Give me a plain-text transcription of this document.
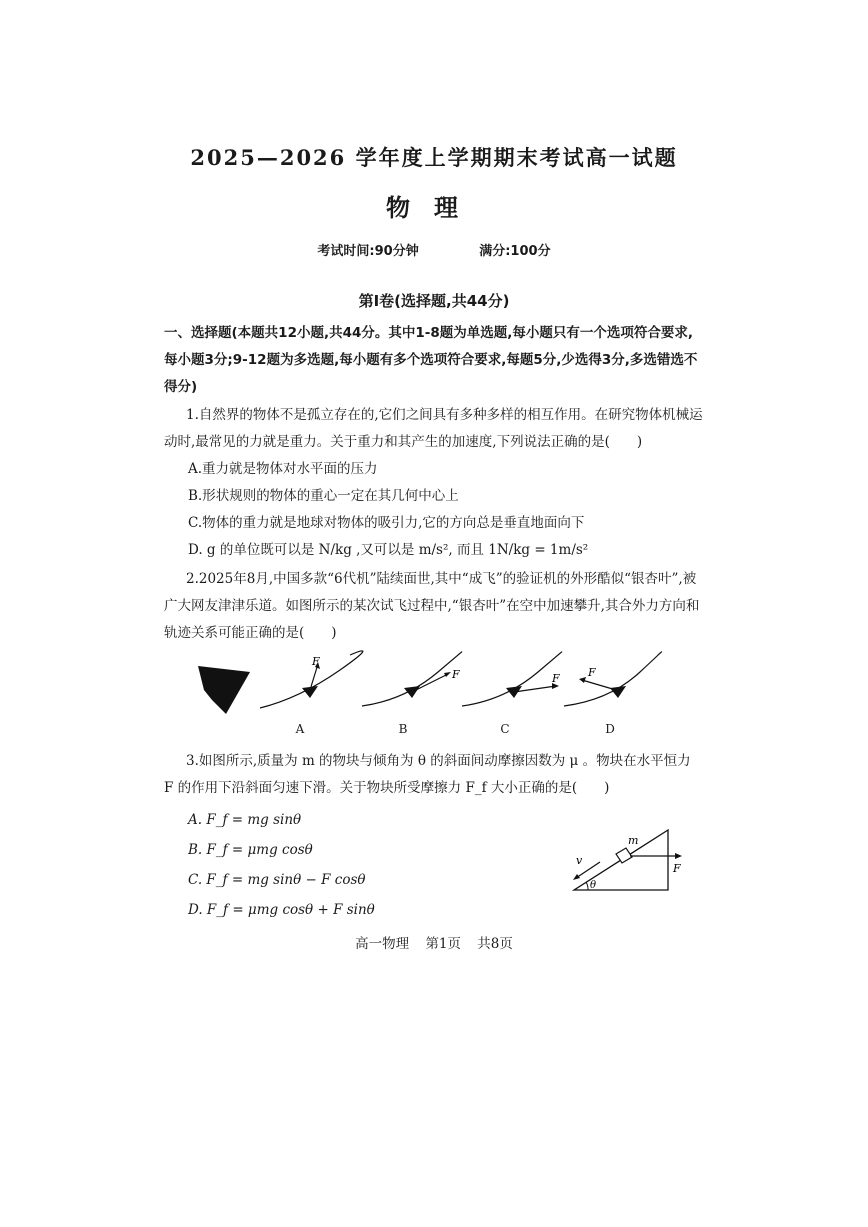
2025—2026 学年度上学期期末考试高一试题
物理
考试时间:90分钟	满分:100分
第Ⅰ卷(选择题,共44分)
一、选择题(本题共12小题,共44分。其中1-8题为单选题,每小题只有一个选项符合要求,每小题3分;9-12题为多选题,每小题有多个选项符合要求,每题5分,少选得3分,多选错选不得分)
1.自然界的物体不是孤立存在的,它们之间具有多种多样的相互作用。在研究物体机械运动时,最常见的力就是重力。关于重力和其产生的加速度,下列说法正确的是(　　)
A.重力就是物体对水平面的压力
B.形状规则的物体的重心一定在其几何中心上
C.物体的重力就是地球对物体的吸引力,它的方向总是垂直地面向下
D. g 的单位既可以是 N/kg ,又可以是 m/s², 而且 1N/kg = 1m/s²
2.2025年8月,中国多款“6代机”陆续面世,其中“成飞”的验证机的外形酷似“银杏叶”,被广大网友津津乐道。如图所示的某次试飞过程中,“银杏叶”在空中加速攀升,其合外力方向和轨迹关系可能正确的是(　　)
F
F	F	F
A	B	C	D
3.如图所示,质量为 m 的物块与倾角为 θ 的斜面间动摩擦因数为 μ 。物块在水平恒力 F 的作用下沿斜面匀速下滑。关于物块所受摩擦力 F_f 大小正确的是(　　)
A. F_f = mg sinθ
B. F_f = μmg cosθ
C. F_f = mg sinθ − F cosθ
D. F_f = μmg cosθ + F sinθ
m
F
v
θ
高一物理 第1页 共8页
